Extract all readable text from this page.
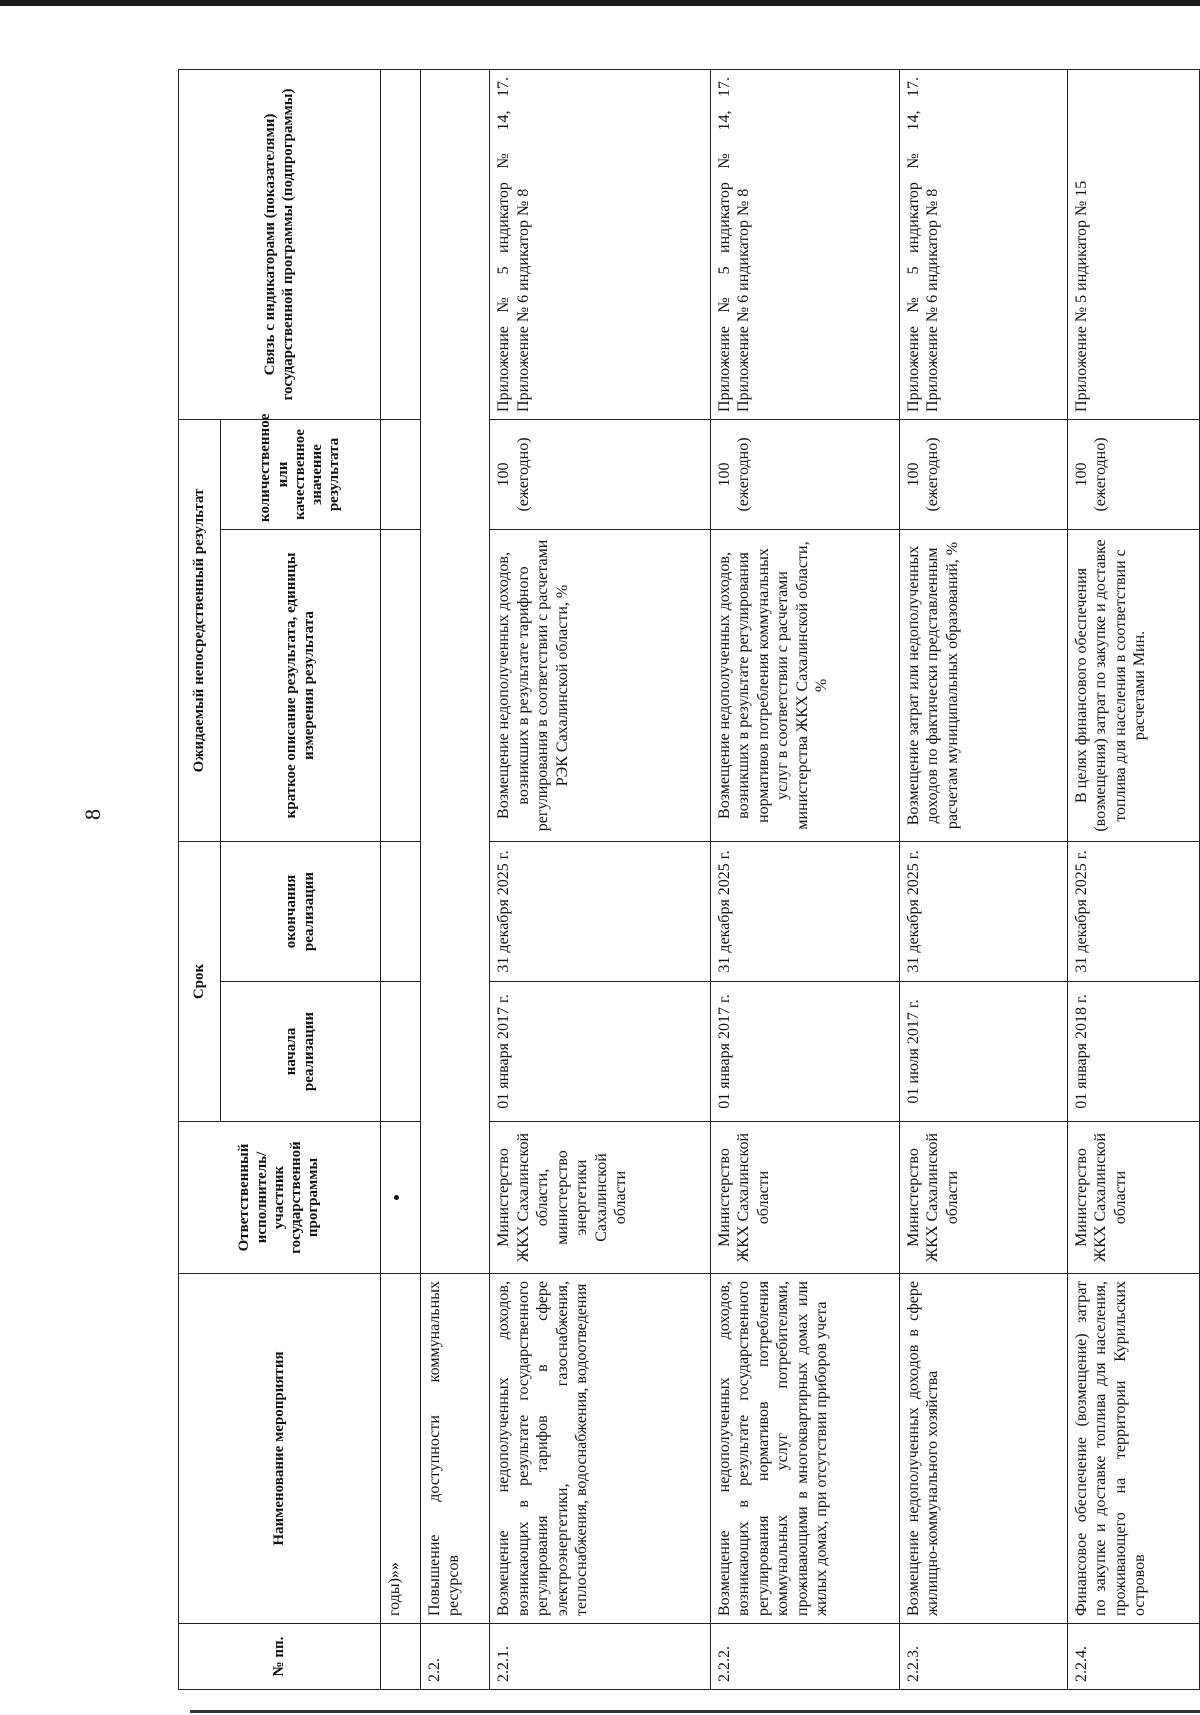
8
№ пп.	Наименование мероприятия	Ответственный исполнитель/ участник государственной программы	Срок		Ожидаемый непосредственный результат		Связь с индикаторами (показателями) государственной программы (подпрограммы)
			начала реализации	окончания реализации	краткое описание результата, единицы измерения результата	количественное или качественное значение результата	
	годы)»»						
2.2.	Повышение доступности коммунальных ресурсов						
2.2.1.	Возмещение недополученных доходов, возникающих в результате государственного регулирования тарифов в сфере электроэнергетики, газоснабжения, теплоснабжения, водоснабжения, водоотведения	Министерство ЖКХ Сахалинской области, министерство энергетики Сахалинской области	01 января 2017 г.	31 декабря 2025 г.	Возмещение недополученных доходов, возникших в результате тарифного регулирования в соответствии с расчетами РЭК Сахалинской области, %	100 (ежегодно)	Приложение № 5 индикатор № 14, 17. Приложение № 6 индикатор № 8
2.2.2.	Возмещение недополученных доходов, возникающих в результате государственного регулирования нормативов потребления коммунальных услуг потребителями, проживающими в многоквартирных домах или жилых домах, при отсутствии приборов учета	Министерство ЖКХ Сахалинской области	01 января 2017 г.	31 декабря 2025 г.	Возмещение недополученных доходов, возникших в результате регулирования нормативов потребления коммунальных услуг в соответствии с расчетами министерства ЖКХ Сахалинской области, %	100 (ежегодно)	Приложение № 5 индикатор № 14, 17. Приложение № 6 индикатор № 8
2.2.3.	Возмещение недополученных доходов в сфере жилищно-коммунального хозяйства	Министерство ЖКХ Сахалинской области	01 июля 2017 г.	31 декабря 2025 г.	Возмещение затрат или недополученных доходов по фактически представленным расчетам муниципальных образований, %	100 (ежегодно)	Приложение № 5 индикатор № 14, 17. Приложение № 6 индикатор № 8
2.2.4.	Финансовое обеспечение (возмещение) затрат по закупке и доставке топлива для населения, проживающего на территории Курильских островов	Министерство ЖКХ Сахалинской области	01 января 2018 г.	31 декабря 2025 г.	В целях финансового обеспечения (возмещения) затрат по закупке и доставке топлива для населения в соответствии с расчетами Мин.	100 (ежегодно)	Приложение № 5 индикатор № 15
